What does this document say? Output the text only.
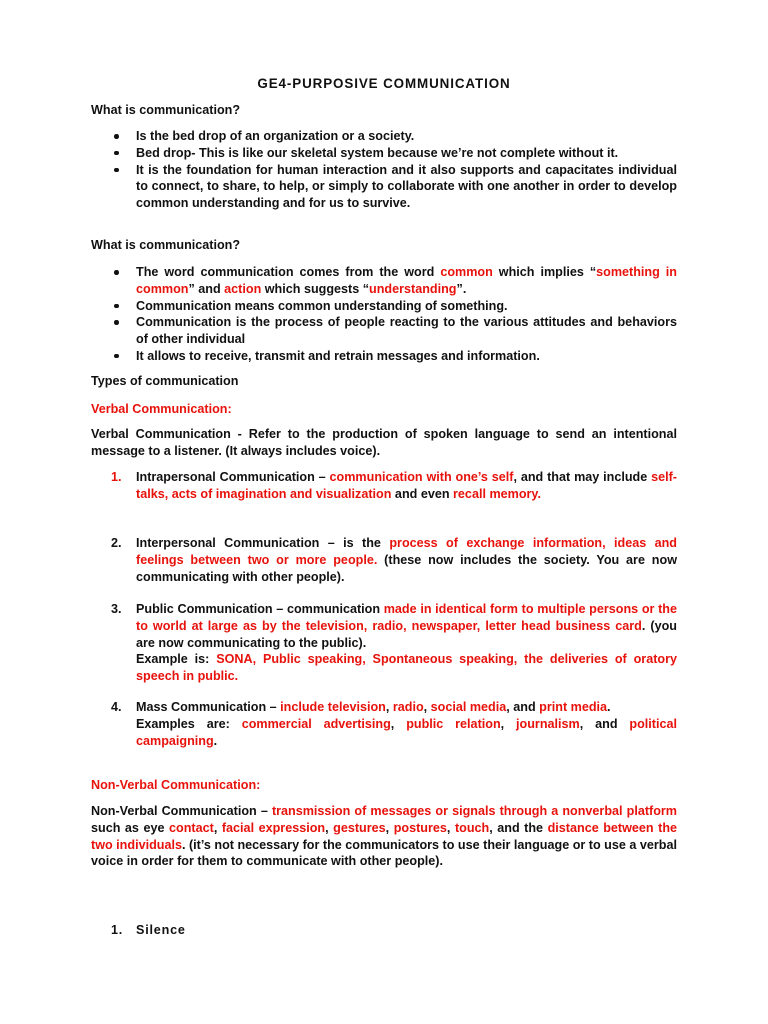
GE4-PURPOSIVE COMMUNICATION
What is communication?
Is the bed drop of an organization or a society.
Bed drop- This is like our skeletal system because we’re not complete without it.
It is the foundation for human interaction and it also supports and capacitates individual to connect, to share, to help, or simply to collaborate with one another in order to develop common understanding and for us to survive.
What is communication?
The word communication comes from the word common which implies “something in common” and action which suggests “understanding”.
Communication means common understanding of something.
Communication is the process of people reacting to the various attitudes and behaviors of other individual
It allows to receive, transmit and retrain messages and information.
Types of communication
Verbal Communication:
Verbal Communication - Refer to the production of spoken language to send an intentional message to a listener. (It always includes voice).
1.	Intrapersonal Communication – communication with one’s self, and that may include self-talks, acts of imagination and visualization and even recall memory.
2.	Interpersonal Communication – is the process of exchange information, ideas and feelings between two or more people. (these now includes the society. You are now communicating with other people).
3.	Public Communication – communication made in identical form to multiple persons or the to world at large as by the television, radio, newspaper, letter head business card. (you are now communicating to the public).
Example is: SONA, Public speaking, Spontaneous speaking, the deliveries of oratory speech in public.
4.	Mass Communication – include television, radio, social media, and print media.
Examples are: commercial advertising, public relation, journalism, and political campaigning.
Non-Verbal Communication:
Non-Verbal Communication – transmission of messages or signals through a nonverbal platform such as eye contact, facial expression, gestures, postures, touch, and the distance between the two individuals. (it’s not necessary for the communicators to use their language or to use a verbal voice in order for them to communicate with other people).
1. Silence
